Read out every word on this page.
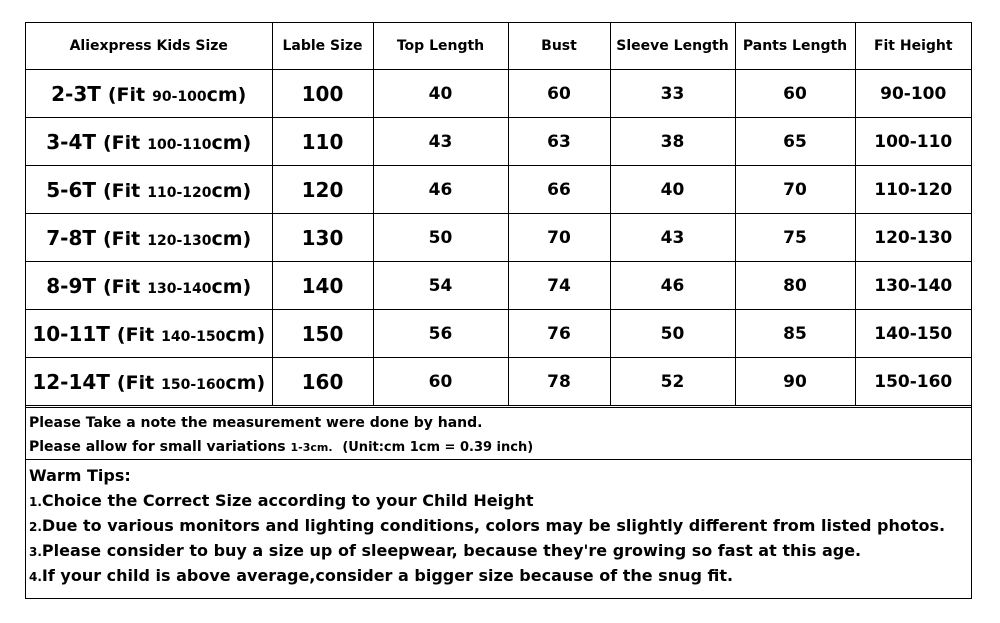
Aliexpress Kids Size	Lable Size	Top Length	Bust	Sleeve Length	Pants Length	Fit Height
2-3T (Fit 90-100cm)	100	40	60	33	60	90-100
3-4T (Fit 100-110cm)	110	43	63	38	65	100-110
5-6T (Fit 110-120cm)	120	46	66	40	70	110-120
7-8T (Fit 120-130cm)	130	50	70	43	75	120-130
8-9T (Fit 130-140cm)	140	54	74	46	80	130-140
10-11T (Fit 140-150cm)	150	56	76	50	85	140-150
12-14T (Fit 150-160cm)	160	60	78	52	90	150-160
Please Take a note the measurement were done by hand.
Please allow for small variations 1-3cm. (Unit:cm 1cm = 0.39 inch)
Warm Tips:
1.Choice the Correct Size according to your Child Height
2.Due to various monitors and lighting conditions, colors may be slightly different from listed photos.
3.Please consider to buy a size up of sleepwear, because they're growing so fast at this age.
4.If your child is above average,consider a bigger size because of the snug fit.
